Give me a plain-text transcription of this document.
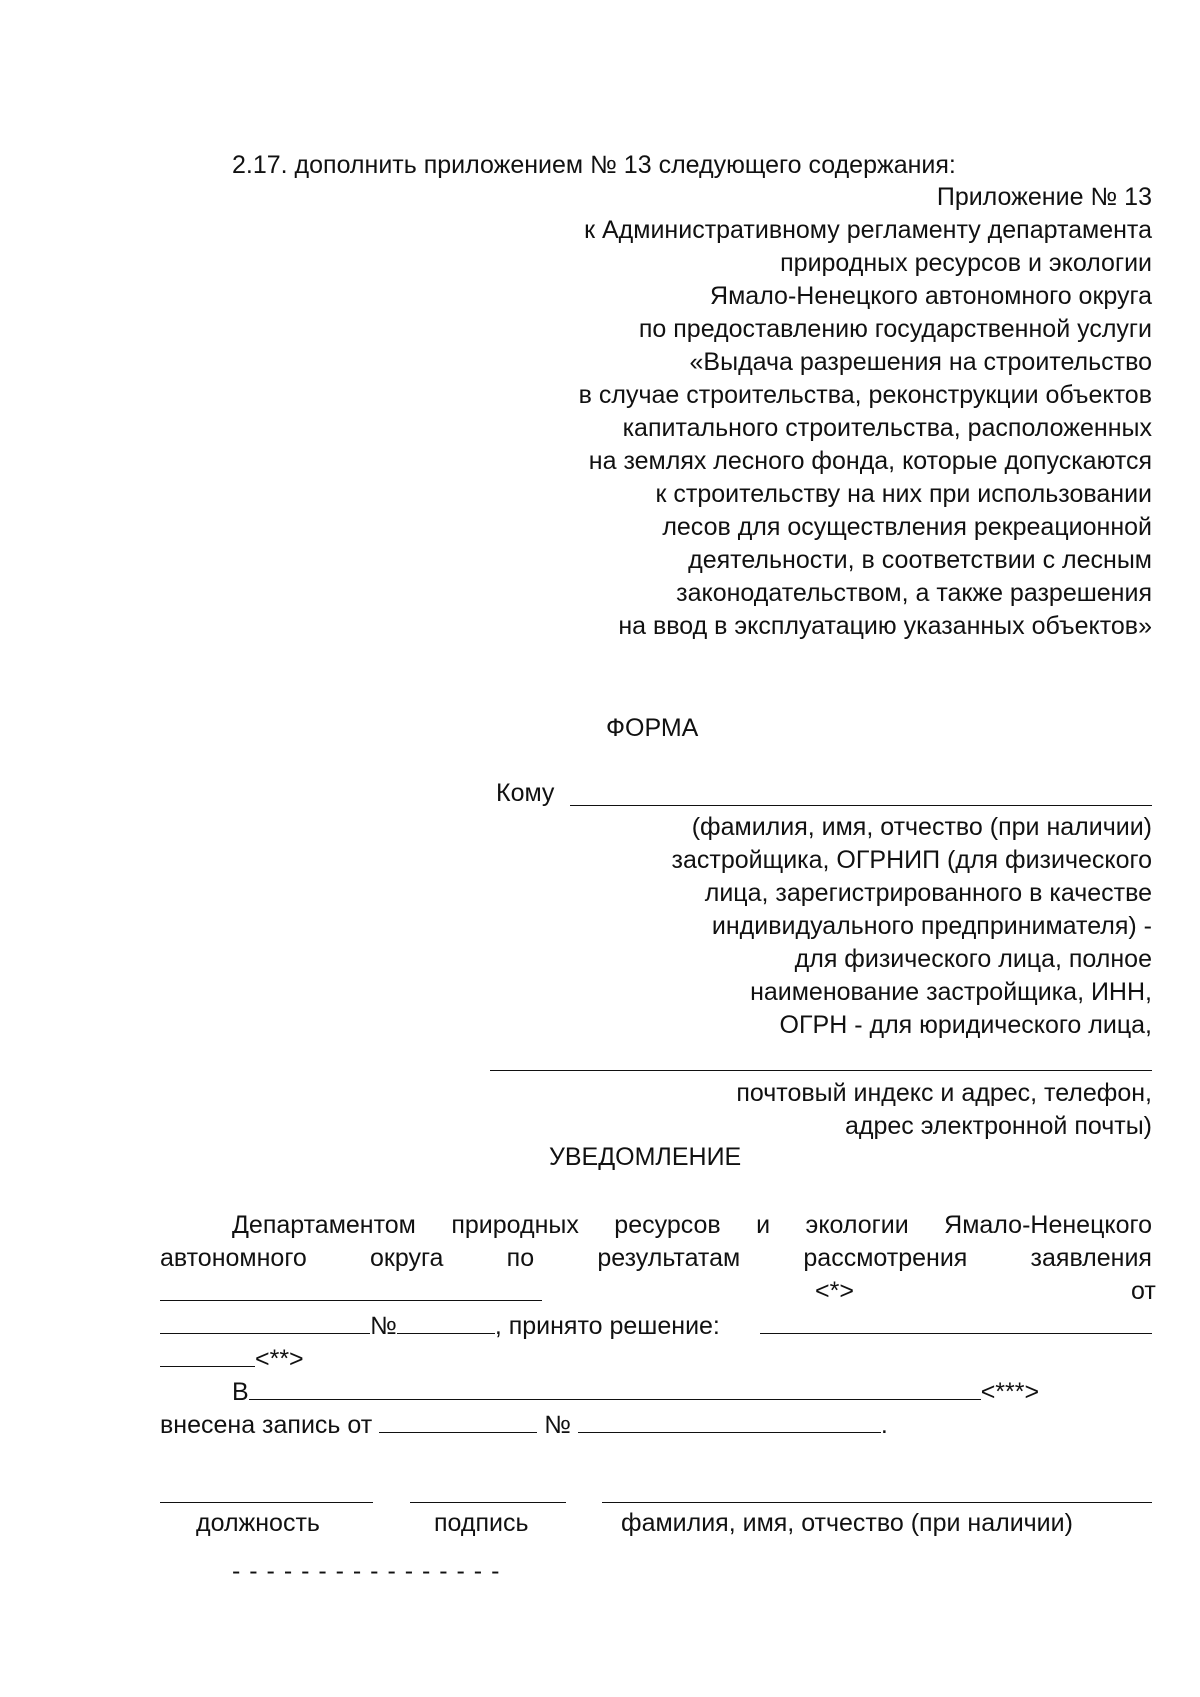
2.17. дополнить приложением № 13 следующего содержания:
Приложение № 13
к Административному регламенту департамента
природных ресурсов и экологии
Ямало-Ненецкого автономного округа
по предоставлению государственной услуги
«Выдача разрешения на строительство
в случае строительства, реконструкции объектов
капитального строительства, расположенных
на землях лесного фонда, которые допускаются
к строительству на них при использовании
лесов для осуществления рекреационной
деятельности, в соответствии с лесным
законодательством, а также разрешения
на ввод в эксплуатацию указанных объектов»
ФОРМА
Кому
(фамилия, имя, отчество (при наличии)
застройщика, ОГРНИП (для физического
лица, зарегистрированного в качестве
индивидуального предпринимателя) -
для физического лица, полное
наименование застройщика, ИНН,
ОГРН - для юридического лица,
почтовый индекс и адрес, телефон,
адрес электронной почты)
УВЕДОМЛЕНИЕ
Департаментом природных ресурсов и экологии Ямало-Ненецкого
автономного	округа	по	результатам	рассмотрения	заявления
<*>	от
№	, принято решение:
<**>
В	<***>
внесена запись от	№	.
должность	подпись	фамилия, имя, отчество (при наличии)
- - - - - - - - - - - - - - - -
